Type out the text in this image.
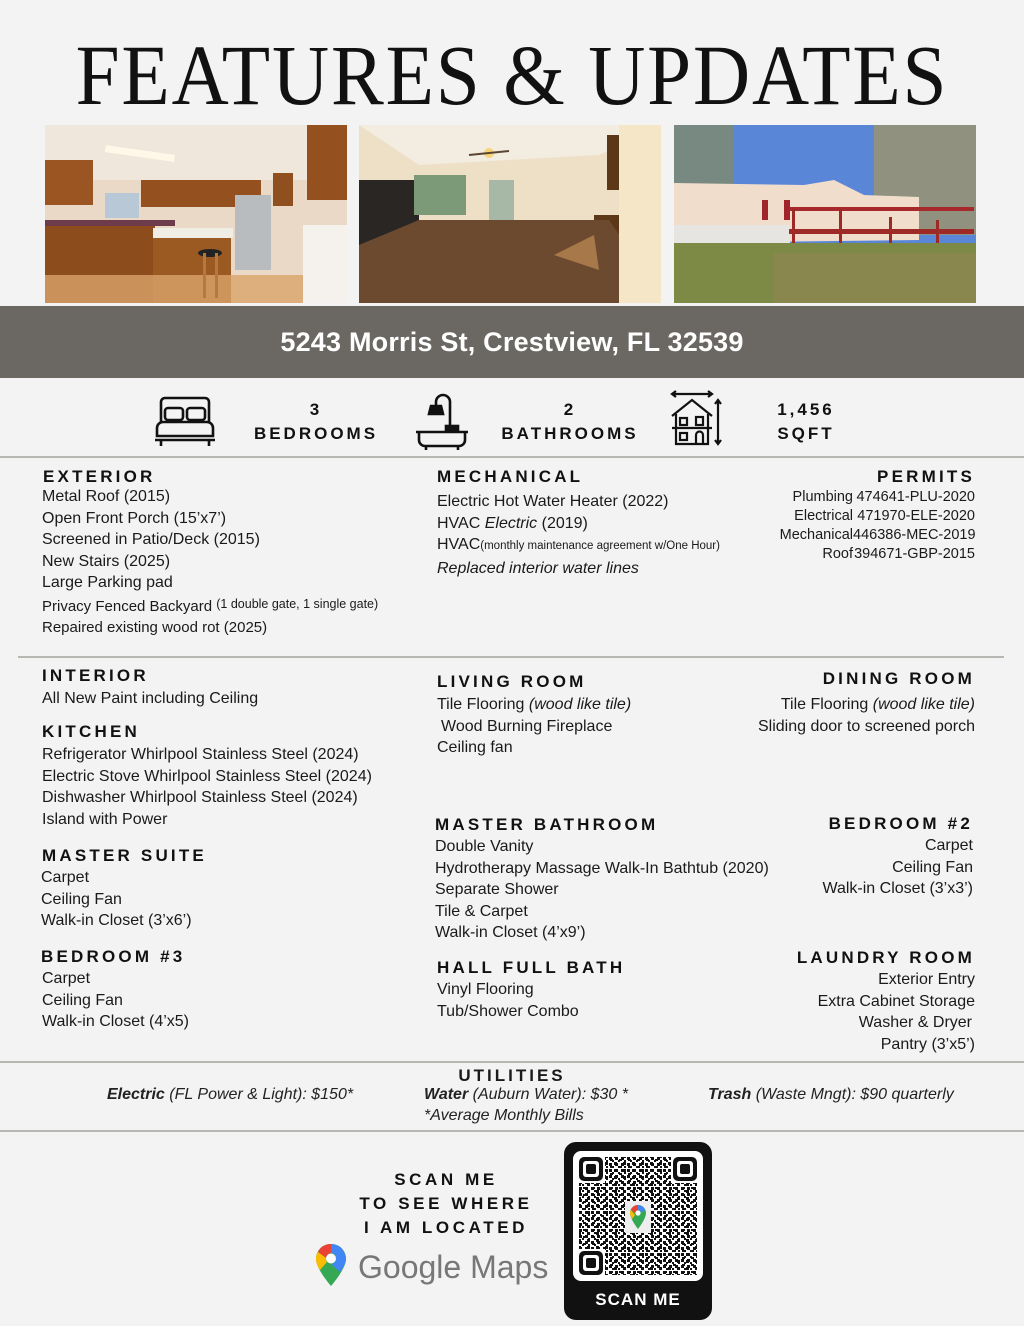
FEATURES & UPDATES
5243 Morris St, Crestview, FL 32539
3
BEDROOMS
2
BATHROOMS
1,456
SQFT
EXTERIOR
Metal Roof (2015)
Open Front Porch (15’x7’)
Screened in Patio/Deck (2015)
New Stairs (2025)
Large Parking pad
Privacy Fenced Backyard $^{(1 double gate, 1 single gate)}$
Repaired existing wood rot (2025)
MECHANICAL
Electric Hot Water Heater (2022)
HVAC Electric (2019)
HVAC(monthly maintenance agreement w/One Hour)
Replaced interior water lines
PERMITS
Plumbing 474641-PLU-2020
Electrical 471970-ELE-2020
Mechanical 446386-MEC-2019
Roof 394671-GBP-2015
INTERIOR
All New Paint including Ceiling
KITCHEN
Refrigerator Whirlpool Stainless Steel (2024)
Electric Stove Whirlpool Stainless Steel (2024)
Dishwasher Whirlpool Stainless Steel (2024)
Island with Power
LIVING ROOM
Tile Flooring (wood like tile)
Wood Burning Fireplace
Ceiling fan
DINING ROOM
Tile Flooring (wood like tile)
Sliding door to screened porch
MASTER SUITE
Carpet
Ceiling Fan
Walk-in Closet (3’x6’)
BEDROOM #3
Carpet
Ceiling Fan
Walk-in Closet (4’x5)
MASTER BATHROOM
Double Vanity
Hydrotherapy Massage Walk-In Bathtub (2020)
Separate Shower
Tile & Carpet
Walk-in Closet (4’x9’)
HALL FULL BATH
Vinyl Flooring
Tub/Shower Combo
BEDROOM #2
Carpet
Ceiling Fan
Walk-in Closet (3’x3’)
LAUNDRY ROOM
Exterior Entry
Extra Cabinet Storage
Washer & Dryer
Pantry (3’x5’)
UTILITIES
Electric (FL Power & Light): $150*	Water (Auburn Water): $30 *
*Average Monthly Bills
Trash (Waste Mngt): $90 quarterly
SCAN ME
TO SEE WHERE
I AM LOCATED
Google Maps
SCAN ME
